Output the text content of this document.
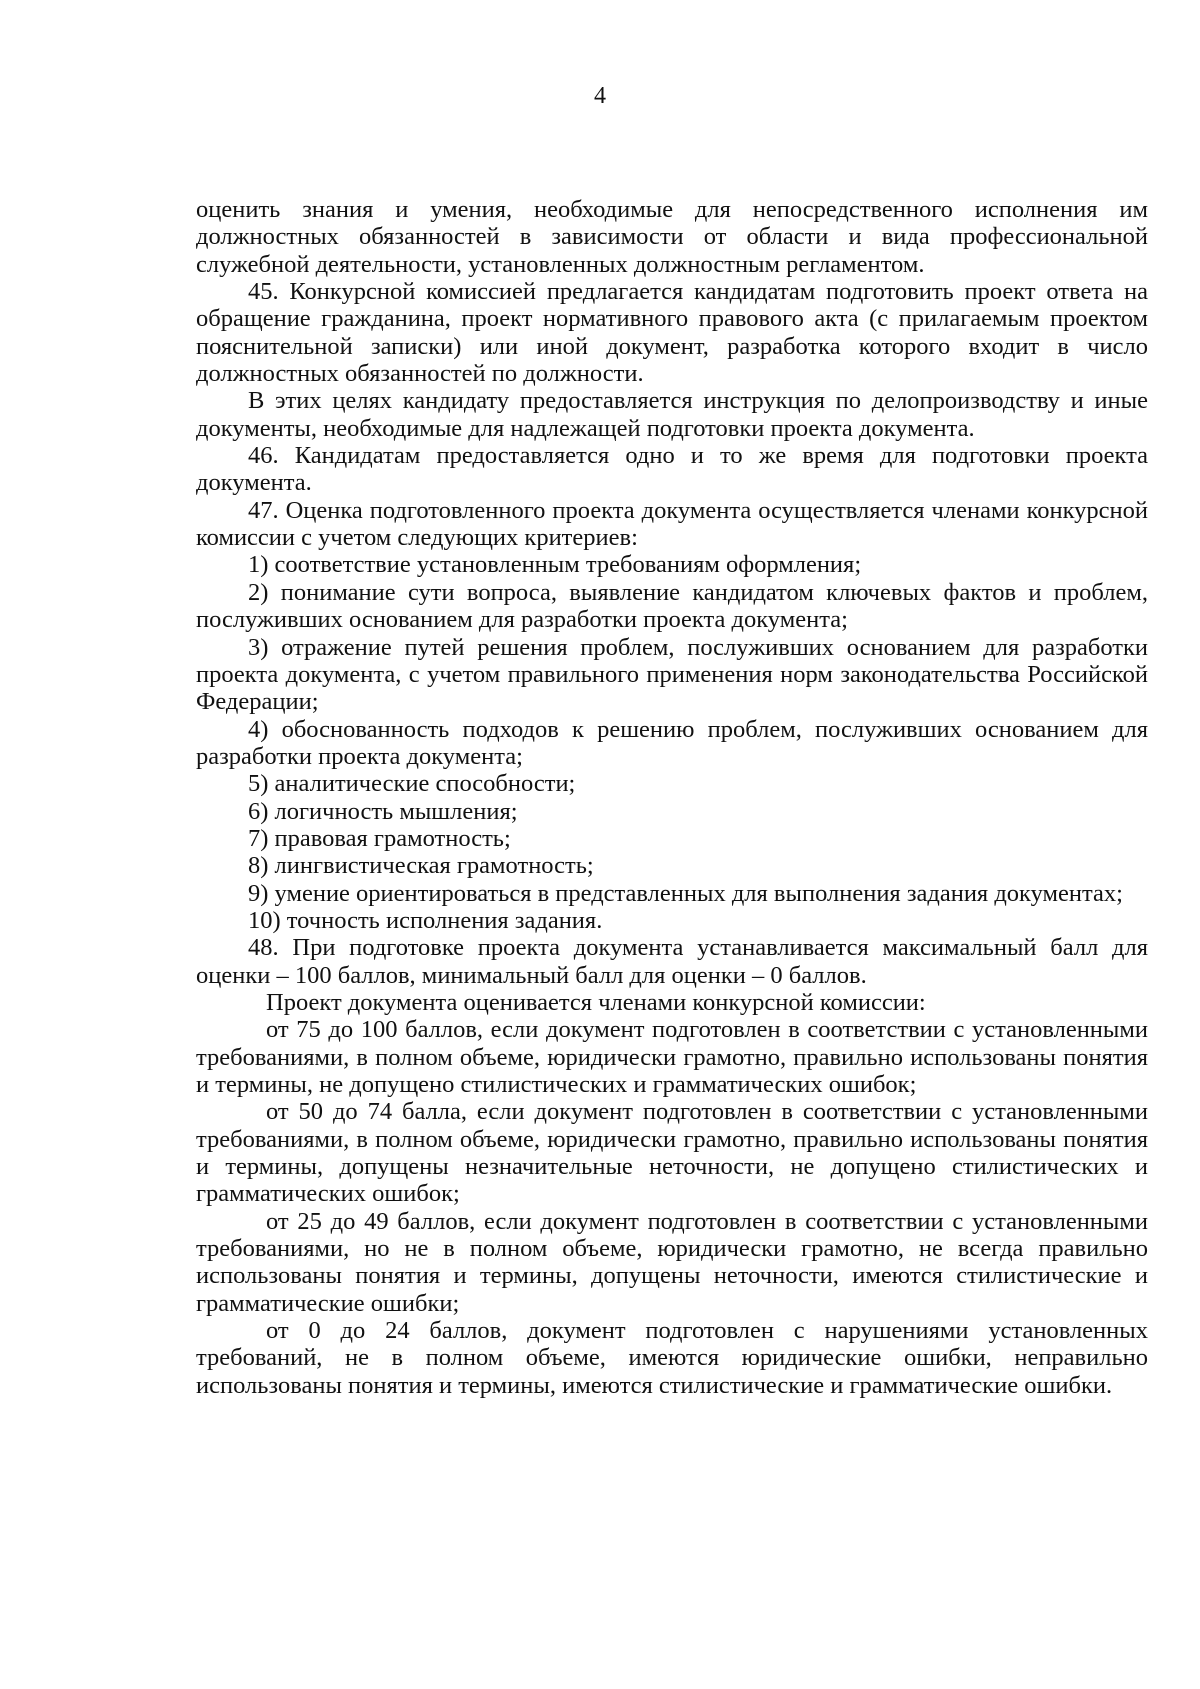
4

оценить знания и умения, необходимые для непосредственного исполнения им должностных обязанностей в зависимости от области и вида профессиональной служебной деятельности, установленных должностным регламентом.

45. Конкурсной комиссией предлагается кандидатам подготовить проект ответа на обращение гражданина, проект нормативного правового акта (с прилагаемым проектом пояснительной записки) или иной документ, разработка которого входит в число должностных обязанностей по должности.

В этих целях кандидату предоставляется инструкция по делопроизводству и иные документы, необходимые для надлежащей подготовки проекта документа.

46. Кандидатам предоставляется одно и то же время для подготовки проекта документа.

47. Оценка подготовленного проекта документа осуществляется членами конкурсной комиссии с учетом следующих критериев:

1) соответствие установленным требованиям оформления;

2) понимание сути вопроса, выявление кандидатом ключевых фактов и проблем, послуживших основанием для разработки проекта документа;

3) отражение путей решения проблем, послуживших основанием для разработки проекта документа, с учетом правильного применения норм законодательства Российской Федерации;

4) обоснованность подходов к решению проблем, послуживших основанием для разработки проекта документа;

5) аналитические способности;

6) логичность мышления;

7) правовая грамотность;

8) лингвистическая грамотность;

9) умение ориентироваться в представленных для выполнения задания документах;

10) точность исполнения задания.

48. При подготовке проекта документа устанавливается максимальный балл для оценки – 100 баллов, минимальный балл для оценки – 0 баллов.

Проект документа оценивается членами конкурсной комиссии:

от 75 до 100 баллов, если документ подготовлен в соответствии с установленными требованиями, в полном объеме, юридически грамотно, правильно использованы понятия и термины, не допущено стилистических и грамматических ошибок;

от 50 до 74 балла, если документ подготовлен в соответствии с установленными требованиями, в полном объеме, юридически грамотно, правильно использованы понятия и термины, допущены незначительные неточности, не допущено стилистических и грамматических ошибок;

от 25 до 49 баллов, если документ подготовлен в соответствии с установленными требованиями, но не в полном объеме, юридически грамотно, не всегда правильно использованы понятия и термины, допущены неточности, имеются стилистические и грамматические ошибки;

от 0 до 24 баллов, документ подготовлен с нарушениями установленных требований, не в полном объеме, имеются юридические ошибки, неправильно использованы понятия и термины, имеются стилистические и грамматические ошибки.
